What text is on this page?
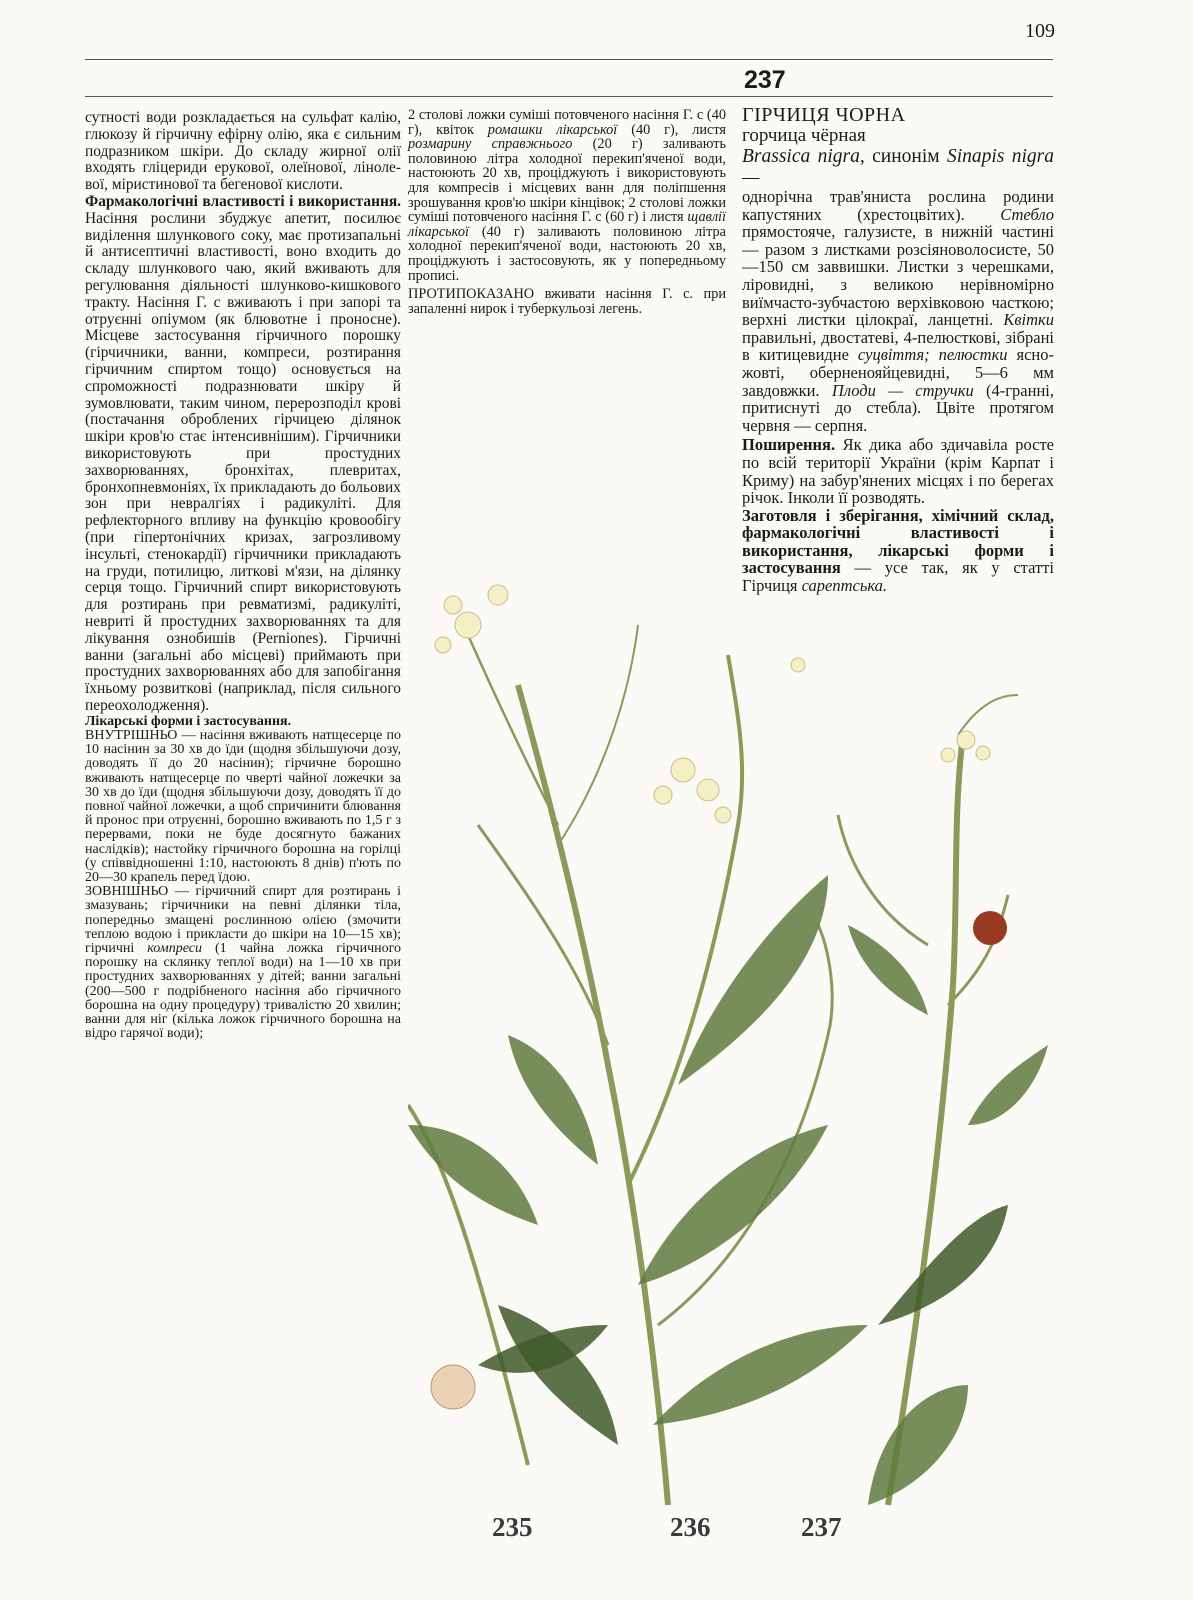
109
237

сутності води розкладається на сульфат калію, глюкозу й гірчичну ефірну олію, яка є сильним подразником шкіри. До складу жирної олії входять гліцериди ерукової, олеїнової, лінолевої, міристинової та бегенової кислоти.

Фармакологічні властивості і використання. Насіння рослини збуджує апетит, посилює виділення шлункового соку, має протизапальні й антисептичні властивості, воно входить до складу шлункового чаю, який вживають для регулювання діяльності шлунково-кишкового тракту. Насіння Г. с вживають і при запорі та отруєнні опіумом (як блювотне і проносне). Місцеве застосування гірчичного порошку (гірчичники, ванни, компреси, розтирання гірчичним спиртом тощо) основується на спроможності подразнювати шкіру й зумовлювати, таким чином, перерозподіл крові (постачання оброблених гірчицею ділянок шкіри кров'ю стає інтенсивнішим). Гірчичники використовують при простудних захворюваннях, бронхітах, плевритах, бронхопневмоніях, їх прикладають до больових зон при невралгіях і радикуліті. Для рефлекторного впливу на функцію кровообігу (при гіпертонічних кризах, загрозливому інсульті, стенокардії) гірчичники прикладають на груди, потилицю, литкові м'язи, на ділянку серця тощо. Гірчичний спирт використовують для розтирань при ревматизмі, радикуліті, невриті й простудних захворюваннях та для лікування ознобишів (Perniones). Гірчичні ванни (загальні або місцеві) приймають при простудних захворюваннях або для запобігання їхньому розвиткові (наприклад, після сильного переохолодження).

Лікарські форми і застосування.

ВНУТРІШНЬО — насіння вживають натщесерце по 10 насінин за 30 хв до їди (щодня збільшуючи дозу, доводять її до 20 насінин); гірчичне борошно вживають натщесерце по чверті чайної ложечки за 30 хв до їди (щодня збільшуючи дозу, доводять її до повної чайної ложечки, а щоб спричинити блювання й пронос при отруєнні, борошно вживають по 1,5 г з перервами, поки не буде досягнуто бажаних наслідків); настойку гірчичного борошна на горілці (у співвідношенні 1:10, настоюють 8 днів) п'ють по 20—30 крапель перед їдою.

ЗОВНІШНЬО — гірчичний спирт для розтирань і змазувань; гірчичники на певні ділянки тіла, попередньо змащені рослинною олією (змочити теплою водою і прикласти до шкіри на 10—15 хв); гірчичні компреси (1 чайна ложка гірчичного порошку на склянку теплої води) на 1—10 хв при простудних захворюваннях у дітей; ванни загальні (200—500 г подрібненого насіння або гірчичного борошна на одну процедуру) тривалістю 20 хвилин; ванни для ніг (кілька ложок гірчичного борошна на відро гарячої води);

2 столові ложки суміші потовченого насіння Г. с (40 г), квіток ромашки лікарської (40 г), листя розмарину справжнього (20 г) заливають половиною літра холодної перекип'яченої води, настоюють 20 хв, проціджують і використовують для компресів і місцевих ванн для поліпшення зрошування кров'ю шкіри кінцівок; 2 столові ложки суміші потовченого насіння Г. с (60 г) і листя щавлії лікарської (40 г) заливають половиною літра холодної перекип'яченої води, настоюють 20 хв, проціджують і застосовують, як у попередньому прописі.

ПРОТИПОКАЗАНО вживати насіння Г. с. при запаленні нирок і туберкульозі легень.

ГІРЧИЦЯ ЧОРНА
горчица чёрная
Brassica nigra, синонім Sinapis nigra —

однорічна трав'яниста рослина родини капустяних (хрестоцвітих). Стебло прямостояче, галузисте, в нижній частині — разом з листками розсіяноволосисте, 50—150 см заввишки. Листки з черешками, ліровидні, з великою нерівномірно виїмчасто-зубчастою верхівковою часткою; верхні листки цілокраї, ланцетні. Квітки правильні, двостатеві, 4-пелюсткові, зібрані в китицевидне суцвіття; пелюстки ясно-жовті, оберненояйцевидні, 5—6 мм завдовжки. Плоди — стручки (4-гранні, притиснуті до стебла). Цвіте протягом червня — серпня.

Поширення. Як дика або здичавіла росте по всій території України (крім Карпат і Криму) на забур'янених місцях і по берегах річок. Інколи її розводять.

Заготовля і зберігання, хімічний склад, фармакологічні властивості і використання, лікарські форми і застосування — усе так, як у статті Гірчиця сарептська.

235	236	237
